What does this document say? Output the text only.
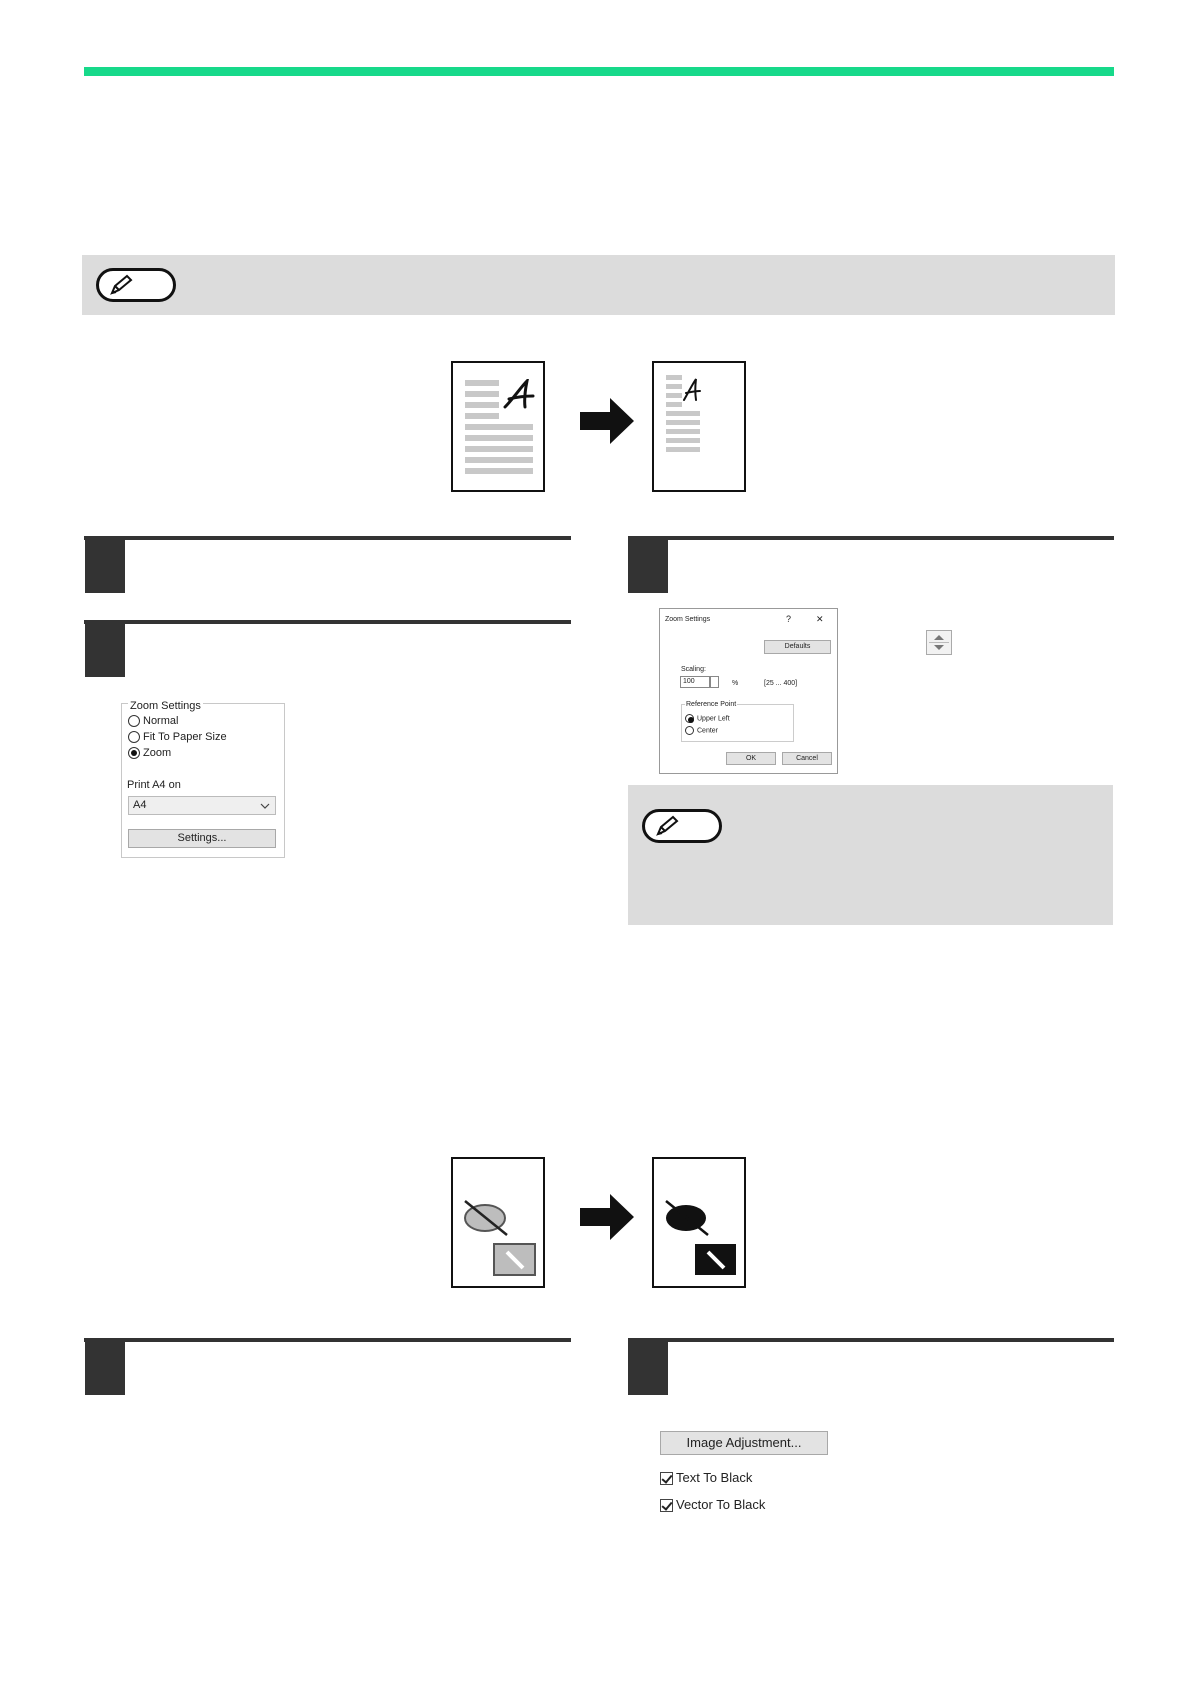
Zoom Settings
Normal
Fit To Paper Size
Zoom
Print A4 on
A4
Settings...
Zoom Settings	?	✕
Defaults
Scaling:
100	%	[25 ... 400]
Reference Point
Upper Left
Center
OK	Cancel
Image Adjustment...
Text To Black
Vector To Black
